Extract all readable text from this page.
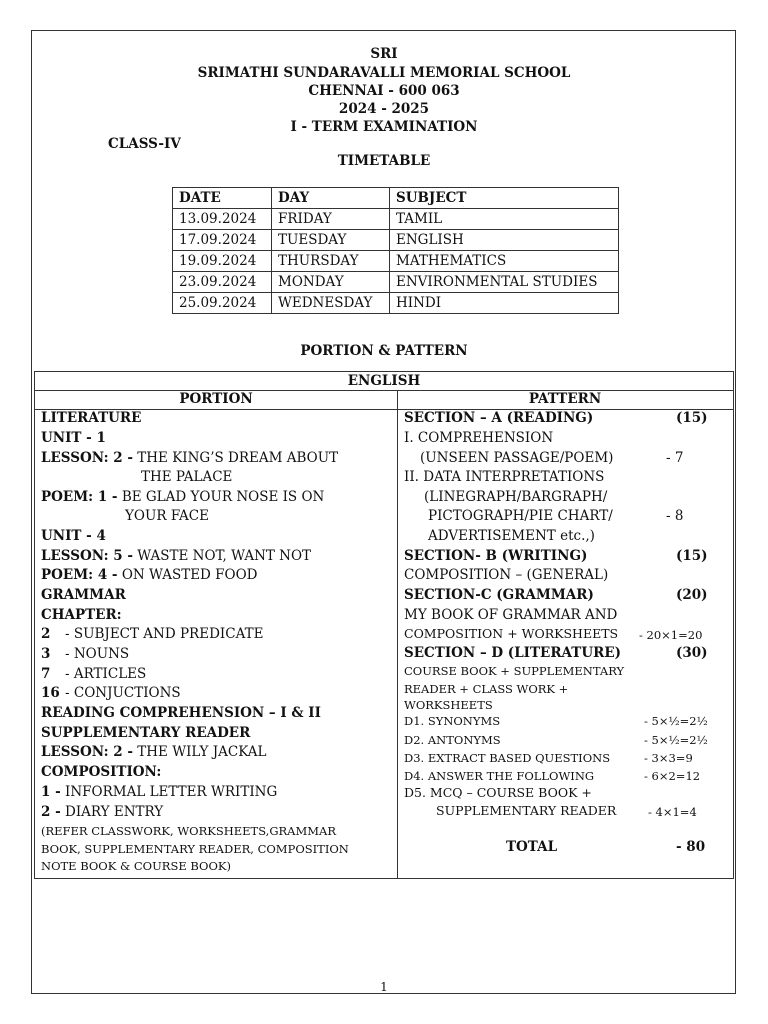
SRI
SRIMATHI SUNDARAVALLI MEMORIAL SCHOOL
CHENNAI - 600 063
2024 - 2025
I - TERM EXAMINATION
CLASS-IV
TIMETABLE
DATE	DAY	SUBJECT
13.09.2024	FRIDAY	TAMIL
17.09.2024	TUESDAY	ENGLISH
19.09.2024	THURSDAY	MATHEMATICS
23.09.2024	MONDAY	ENVIRONMENTAL STUDIES
25.09.2024	WEDNESDAY	HINDI
PORTION & PATTERN
ENGLISH
PORTION	PATTERN
LITERATURE
UNIT - 1
LESSON: 2 - THE KING’S DREAM ABOUT
THE PALACE
POEM: 1 - BE GLAD YOUR NOSE IS ON
YOUR FACE
UNIT - 4
LESSON: 5 - WASTE NOT, WANT NOT
POEM: 4 - ON WASTED FOOD
GRAMMAR
CHAPTER:
2 - SUBJECT AND PREDICATE
3 - NOUNS
7 - ARTICLES
16 - CONJUCTIONS
READING COMPREHENSION – I & II
SUPPLEMENTARY READER
LESSON: 2 - THE WILY JACKAL
COMPOSITION:
1 - INFORMAL LETTER WRITING
2 - DIARY ENTRY
(REFER CLASSWORK, WORKSHEETS,GRAMMAR
BOOK, SUPPLEMENTARY READER, COMPOSITION
NOTE BOOK & COURSE BOOK)
SECTION – A (READING)	(15)
I. COMPREHENSION
(UNSEEN PASSAGE/POEM)	- 7
II. DATA INTERPRETATIONS
(LINEGRAPH/BARGRAPH/
PICTOGRAPH/PIE CHART/	- 8
ADVERTISEMENT etc.,)
SECTION- B (WRITING)	(15)
COMPOSITION – (GENERAL)
SECTION-C (GRAMMAR)	(20)
MY BOOK OF GRAMMAR AND
COMPOSITION + WORKSHEETS - 20×1=20
SECTION – D (LITERATURE)	(30)
COURSE BOOK + SUPPLEMENTARY
READER + CLASS WORK +
WORKSHEETS
D1. SYNONYMS	- 5×½=2½
D2. ANTONYMS	- 5×½=2½
D3. EXTRACT BASED QUESTIONS	- 3×3=9
D4. ANSWER THE FOLLOWING	- 6×2=12
D5. MCQ – COURSE BOOK +
SUPPLEMENTARY READER	- 4×1=4
TOTAL	- 80
1
